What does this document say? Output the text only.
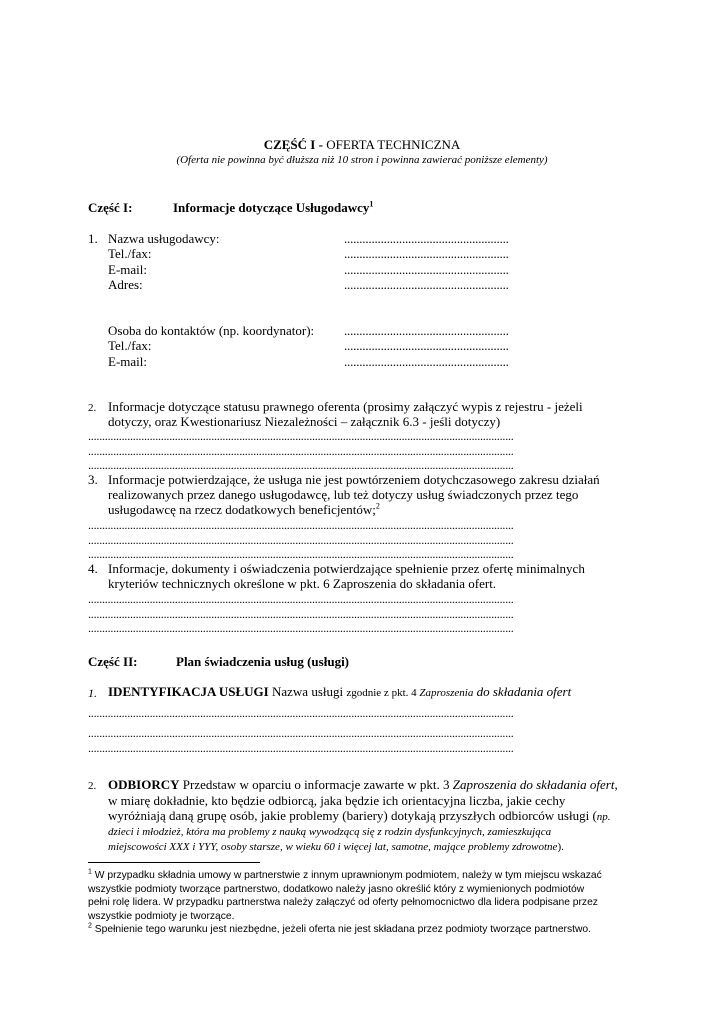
CZĘŚĆ I - OFERTA TECHNICZNA
(Oferta nie powinna być dłuższa niż 10 stron i powinna zawierać poniższe elementy)
Część I:	Informacje dotyczące Usługodawcy$^1$
1. Nazwa usługodawcy:
Tel./fax:
E-mail:
Adres:
......................................................
......................................................
......................................................
......................................................
Osoba do kontaktów (np. koordynator):
Tel./fax:
E-mail:
......................................................
......................................................
......................................................
2. Informacje dotyczące statusu prawnego oferenta (prosimy załączyć wypis z rejestru - jeżeli
dotyczy, oraz Kwestionariusz Niezależności – załącznik 6.3 - jeśli dotyczy)
........................................................................................................................................................
........................................................................................................................................................
........................................................................................................................................................
3. Informacje potwierdzające, że usługa nie jest powtórzeniem dotychczasowego zakresu działań
realizowanych przez danego usługodawcę, lub też dotyczy usług świadczonych przez tego
usługodawcę na rzecz dodatkowych beneficjentów;$^2$
........................................................................................................................................................
........................................................................................................................................................
........................................................................................................................................................
4. Informacje, dokumenty i oświadczenia potwierdzające spełnienie przez ofertę minimalnych
kryteriów technicznych określone w pkt. 6 Zaproszenia do składania ofert.
........................................................................................................................................................
........................................................................................................................................................
........................................................................................................................................................
Część II:	Plan świadczenia usług (usługi)
1. IDENTYFIKACJA USŁUGI Nazwa usługi zgodnie z pkt. 4 Zaproszenia do składania ofert
........................................................................................................................................................
........................................................................................................................................................
........................................................................................................................................................
2. ODBIORCY Przedstaw w oparciu o informacje zawarte w pkt. 3 Zaproszenia do składania ofert,
w miarę dokładnie, kto będzie odbiorcą, jaka będzie ich orientacyjna liczba, jakie cechy
wyróżniają daną grupę osób, jakie problemy (bariery) dotykają przyszłych odbiorców usługi (np.
dzieci i młodzież, która ma problemy z nauką wywodzącą się z rodzin dysfunkcyjnych, zamieszkująca
miejscowości XXX i YYY, osoby starsze, w wieku 60 i więcej lat, samotne, mające problemy zdrowotne).
$^1$ W przypadku składnia umowy w partnerstwie z innym uprawnionym podmiotem, należy w tym miejscu wskazać
wszystkie podmioty tworzące partnerstwo, dodatkowo należy jasno określić który z wymienionych podmiotów
pełni rolę lidera. W przypadku partnerstwa należy załączyć od oferty pełnomocnictwo dla lidera podpisane przez
wszystkie podmioty je tworzące.
$^2$ Spełnienie tego warunku jest niezbędne, jeżeli oferta nie jest składana przez podmioty tworzące partnerstwo.
